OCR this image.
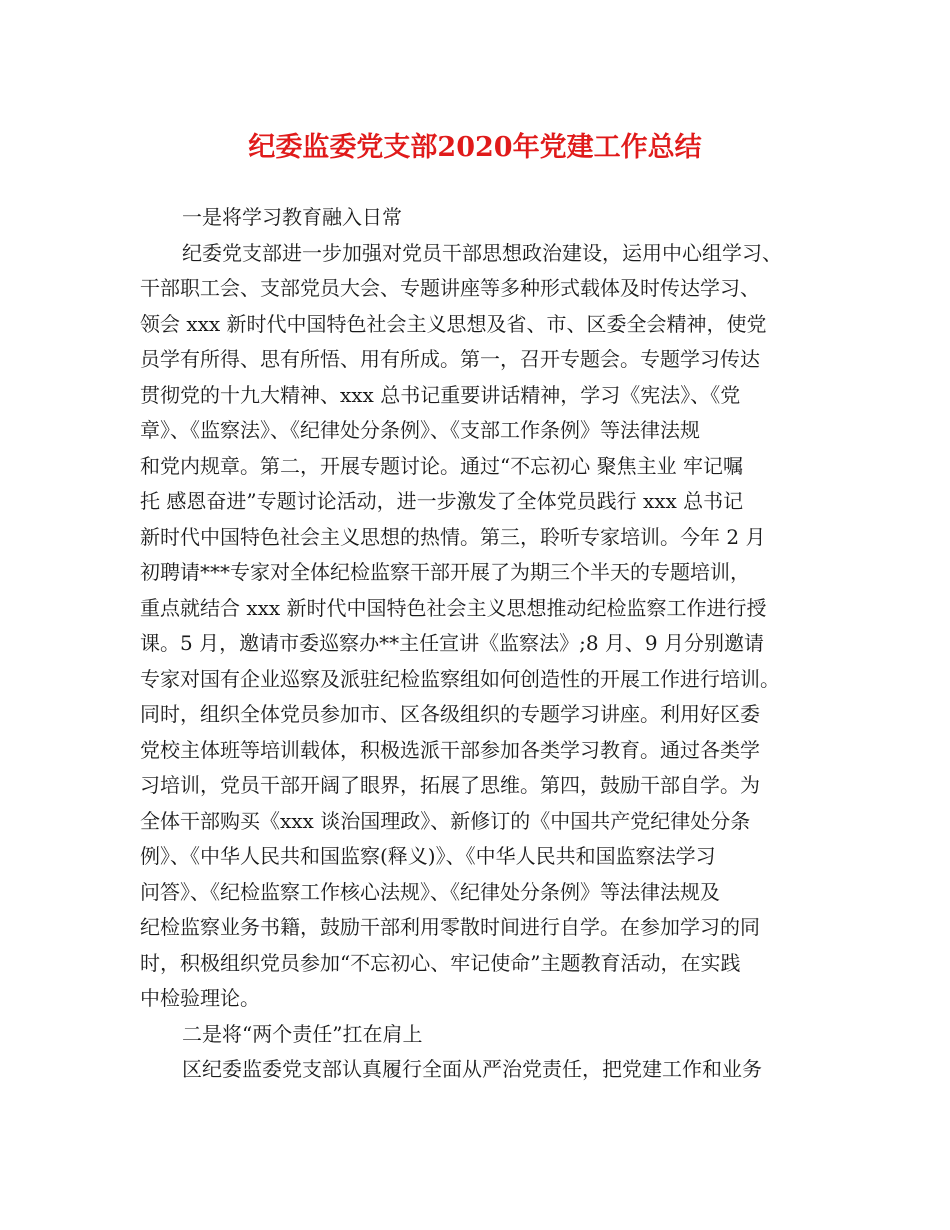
纪委监委党支部2020年党建工作总结
一是将学习教育融入日常
纪委党支部进一步加强对党员干部思想政治建设，运用中心组学习、
干部职工会、支部党员大会、专题讲座等多种形式载体及时传达学习、
领会 xxx 新时代中国特色社会主义思想及省、市、区委全会精神，使党
员学有所得、思有所悟、用有所成。第一，召开专题会。专题学习传达
贯彻党的十九大精神、xxx 总书记重要讲话精神，学习《宪法》、《党
章》、《监察法》、《纪律处分条例》、《支部工作条例》等法律法规
和党内规章。第二，开展专题讨论。通过“不忘初心 聚焦主业 牢记嘱
托 感恩奋进”专题讨论活动，进一步激发了全体党员践行 xxx 总书记
新时代中国特色社会主义思想的热情。第三，聆听专家培训。今年 2 月
初聘请***专家对全体纪检监察干部开展了为期三个半天的专题培训，
重点就结合 xxx 新时代中国特色社会主义思想推动纪检监察工作进行授
课。5 月，邀请市委巡察办**主任宣讲《监察法》;8 月、9 月分别邀请
专家对国有企业巡察及派驻纪检监察组如何创造性的开展工作进行培训。
同时，组织全体党员参加市、区各级组织的专题学习讲座。利用好区委
党校主体班等培训载体，积极选派干部参加各类学习教育。通过各类学
习培训，党员干部开阔了眼界，拓展了思维。第四，鼓励干部自学。为
全体干部购买《xxx 谈治国理政》、新修订的《中国共产党纪律处分条
例》、《中华人民共和国监察(释义)》、《中华人民共和国监察法学习
问答》、《纪检监察工作核心法规》、《纪律处分条例》等法律法规及
纪检监察业务书籍，鼓励干部利用零散时间进行自学。在参加学习的同
时，积极组织党员参加“不忘初心、牢记使命”主题教育活动，在实践
中检验理论。
二是将“两个责任”扛在肩上
区纪委监委党支部认真履行全面从严治党责任，把党建工作和业务
